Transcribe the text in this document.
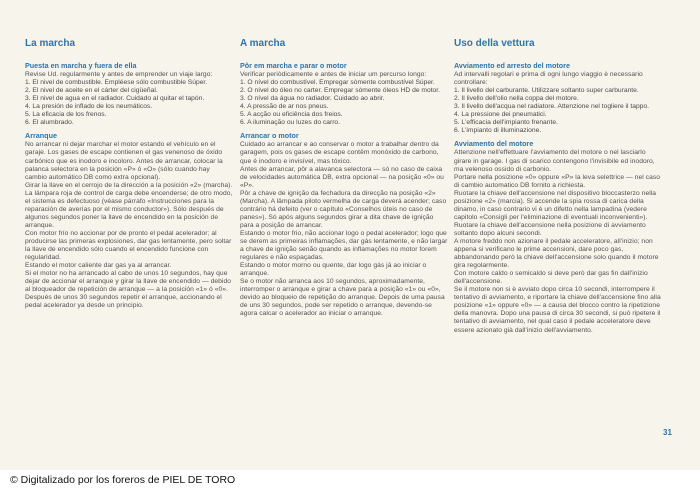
La marcha
Puesta en marcha y fuera de ella

Revise Ud. regularmente y antes de emprender un viaje largo:

1. El nivel de combustible. Empléese sólo combustible Súper.
2. El nivel de aceite en el cárter del cigüeñal.
3. El nivel de agua en el radiador. Cuidado al quitar el tapón.
4. La presión de inflado de los neumáticos.
5. La eficacia de los frenos.
6. El alumbrado.
Arranque

No arrancar ni dejar marchar el motor estando el vehículo en el garaje. Los gases de escape contienen el gas venenoso de óxido carbónico que es inodoro e incoloro. Antes de arrancar, colocar la palanca selectora en la posición «P» ó «O» (sólo cuando hay cambio automático DB como extra opcional).

Girar la llave en el cerrojo de la dirección a la posición «2» (marcha). La lámpara roja de control de carga debe encenderse; de otro modo, el sistema es defectuoso (véase párrafo «Instrucciones para la reparación de averías por el mismo conductor»). Sólo después de algunos segundos poner la llave de encendido en la posición de arranque.

Con motor frío no accionar por de pronto el pedal acelerador; al producirse las primeras explosiones, dar gas lentamente, pero soltar la llave de encendido sólo cuando el encendido funcione con regularidad.

Estando el motor caliente dar gas ya al arrancar.

Si el motor no ha arrancado al cabo de unos 10 segundos, hay que dejar de accionar el arranque y girar la llave de encendido — debido al bloqueador de repetición de arranque — a la posición «1» ó «0». Después de unos 30 segundos repetir el arranque, accionando el pedal acelerador ya desde un principio.

A marcha
Pôr em marcha e parar o motor

Verificar periòdicamente e antes de iniciar um percurso longo:

1. O nível do combustível. Empregar sòmente combustível Súper.
2. O nível do óleo no carter. Empregar sòmente óleos HD de motor.
3. O nível da água no radiador. Cuidado ao abrir.
4. A pressão de ar nos pneus.
5. A acção ou eficiência dos freios.
6. A iluminação ou luzes do carro.
Arrancar o motor

Cuidado ao arrancar e ao conservar o motor a trabalhar dentro da garagem, pois os gases de escape contêm monóxido de carbono, que é inodoro e invisível, mas tóxico.

Antes de arrancar, pôr a alavanca selectora — só no caso de caixa de velocidades automática DB, extra opcional — na posição «0» ou «P».

Pôr a chave de ignição da fechadura da direcção na posição «2» (Marcha). A lâmpada piloto vermelha de carga deverá acender; caso contrário há defeito (ver o capítulo «Conselhos úteis no caso de panes»). Só após alguns segundos girar a dita chave de ignição para a posição de arrancar.

Estando o motor frio, não accionar logo o pedal acelerador; logo que se derem as primeiras inflamações, dar gás lentamente, e não largar a chave de ignição senão quando as inflamações no motor forem regulares e não espaçadas.

Estando o motor morno ou quente, dar logo gás já ao iniciar o arranque.

Se o motor não arranca aos 10 segundos, aproximadamente, interromper o arranque e girar a chave para a posição «1» ou «0», devido ao bloqueio de repetição do arranque. Depois de uma pausa de uns 30 segundos, pode ser repetido o arranque, devendo-se agora calcar o acelerador ao iniciar o arranque.

Uso della vettura
Avviamento ed arresto del motore

Ad intervalli regolari e prima di ogni lungo viaggio è necessario controllare:

1. Il livello del carburante. Utilizzare soltanto super carburante.
2. Il livello dell'olio nella coppa del motore.
3. Il livello dell'acqua nel radiatore. Attenzione nel togliere il tappo.
4. La pressione dei pneumatici.
5. L'efficacia dell'impianto frenante.
6. L'impianto di illuminazione.
Avviamento del motore

Attenzione nell'effettuare l'avviamento del motore o nel lasciarlo girare in garage. I gas di scarico contengono l'invisibile ed inodoro, ma velenoso ossido di carbonio.

Portare nella posizione «0» oppure «P» la leva selettrice — nel caso di cambio automatico DB fornito a richiesta.

Ruotare la chiave dell'accensione nel dispositivo bloccasterzo nella posizione «2» (marcia). Si accende la spia rossa di carica della dinamo, in caso contrario vi è un difetto nella lampadina (vedere capitolo «Consigli per l'eliminazione di eventuali inconvenienti»). Ruotare la chiave dell'accensione nella posizione di avviamento soltanto dopo alcuni secondi.

A motore freddo non azionare il pedale acceleratore, all'inizio; non appena si verificano le prime accensioni, dare poco gas, abbandonando però la chiave dell'accensione solo quando il motore gira regolarmente.

Con motore caldo o semicaldo si deve però dar gas fin dall'inizio dell'accensione.

Se il motore non si è avviato dopo circa 10 secondi, interrompere il tentativo di avviamento, e riportare la chiave dell'accensione fino alla posizione «1» oppure «0» — a causa del blocco contro la ripetizione della manovra. Dopo una pausa di circa 30 secondi, si può ripetere il tentativo di avviamento, nel qual caso il pedale acceleratore deve essere azionato già dall'inizio dell'avviamento.

31
© Digitalizado por los foreros de PIEL DE TORO
